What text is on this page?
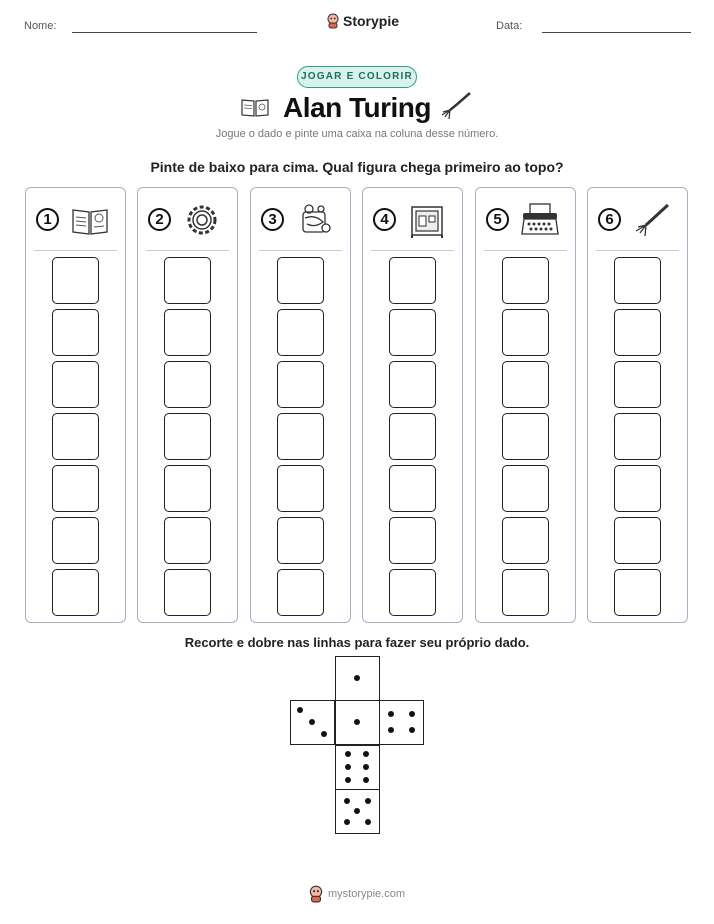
Nome:	Storypie	Data:
JOGAR E COLORIR
Alan Turing
Jogue o dado e pinte uma caixa na coluna desse número.
Pinte de baixo para cima. Qual figura chega primeiro ao topo?
1	2	3	4	5	6
Recorte e dobre nas linhas para fazer seu próprio dado.
mystorypie.com
